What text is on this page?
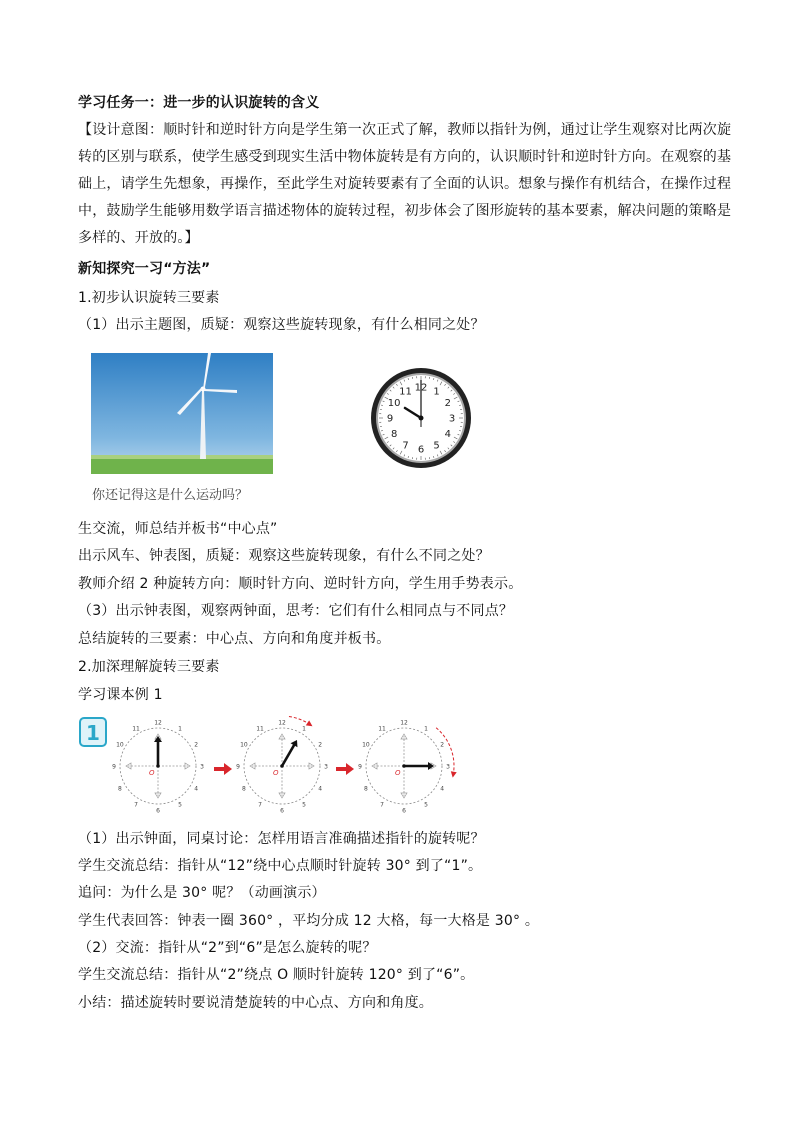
学习任务一：进一步的认识旋转的含义
【设计意图：顺时针和逆时针方向是学生第一次正式了解，教师以指针为例，通过让学生观察对比两次旋
转的区别与联系，使学生感受到现实生活中物体旋转是有方向的，认识顺时针和逆时针方向。在观察的基
础上，请学生先想象，再操作，至此学生对旋转要素有了全面的认识。想象与操作有机结合，在操作过程
中，鼓励学生能够用数学语言描述物体的旋转过程，初步体会了图形旋转的基本要素，解决问题的策略是
多样的、开放的。】
新知探究一习“方法”
1.初步认识旋转三要素
（1）出示主题图，质疑：观察这些旋转现象，有什么相同之处？
你还记得这是什么运动吗？
12 1
2
3
4
5
6
7
8
9
10
11
生交流，师总结并板书“中心点”
出示风车、钟表图，质疑：观察这些旋转现象，有什么不同之处？
教师介绍 2 种旋转方向：顺时针方向、逆时针方向，学生用手势表示。
（3）出示钟表图，观察两钟面，思考：它们有什么相同点与不同点？
总结旋转的三要素：中心点、方向和角度并板书。
2.加深理解旋转三要素
学习课本例 1
1	12
1
2
3
4
5
6
7
8
9
10
11
O
12
1
2
3
4
5
6
7
8
9
10
11
O
12
1
2
3
4
5
6
7
8
9
10
11
O
（1）出示钟面，同桌讨论：怎样用语言准确描述指针的旋转呢？
学生交流总结：指针从“12”绕中心点顺时针旋转 30° 到了“1”。
追问：为什么是 30° 呢？（动画演示）
学生代表回答：钟表一圈 360° ，平均分成 12 大格，每一大格是 30° 。
（2）交流：指针从“2”到“6”是怎么旋转的呢？
学生交流总结：指针从“2”绕点 O 顺时针旋转 120° 到了“6”。
小结：描述旋转时要说清楚旋转的中心点、方向和角度。
